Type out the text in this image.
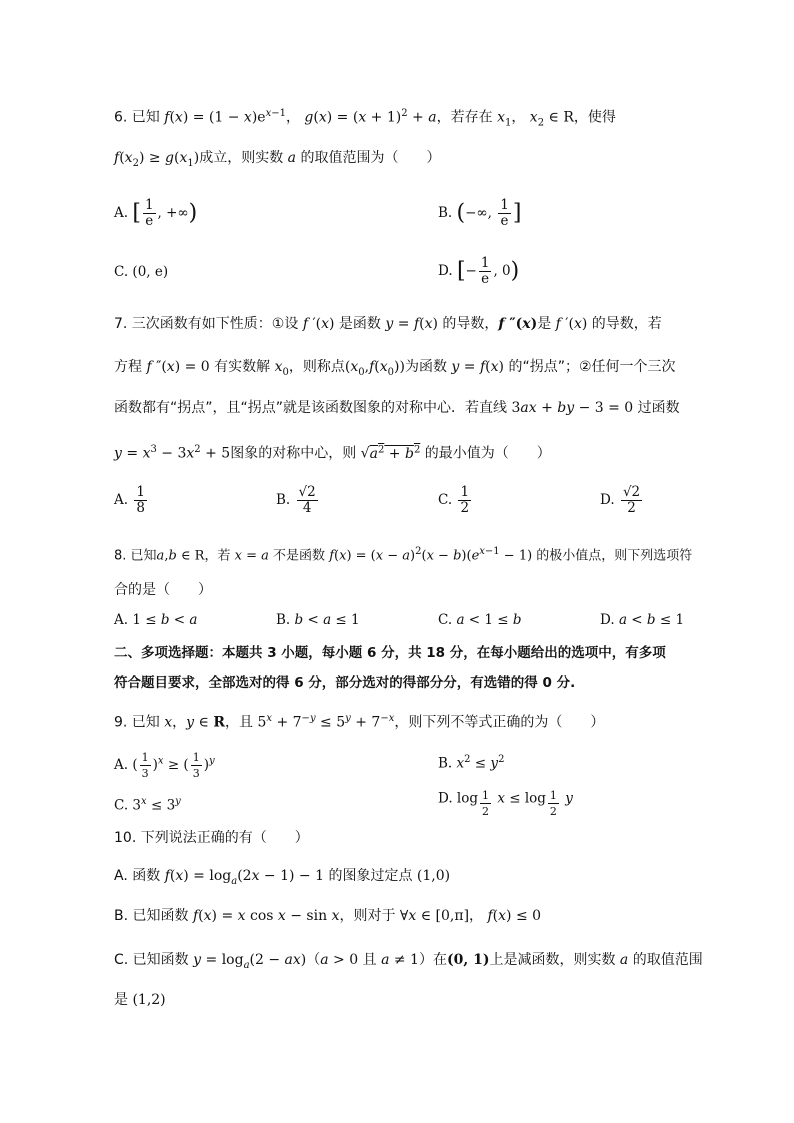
6. 已知 $f(x) = (1 - x)e^{x-1}$， $g(x) = (x + 1)^2 + a$，若存在 $x_1$， $x_2$ ∈ R，使得
$f(x_2) \ge g(x_1)$成立，则实数 a 的取值范围为（　　）
A. [ $\frac{1}{e}$ , +∞)	B. (−∞, $\frac{1}{e}$ ]
C. (0, e)	D. [− $\frac{1}{e}$ , 0)
7. 三次函数有如下性质：①设 f ′(x) 是函数 y = f(x) 的导数，f ″(x)是 f ′(x) 的导数，若
方程 f ″(x) = 0 有实数解 $x_0$，则称点$(x_0,f(x_0))$为函数 y = f(x) 的“拐点”；②任何一个三次
函数都有“拐点”，且“拐点”就是该函数图象的对称中心．若直线 3ax + by − 3 = 0 过函数
$y = x^3 - 3x^2 + 5$图象的对称中心，则 $√a^2 + b^2$ 的最小值为（　　）
A. $\frac{1}{8}$	B. $\frac{√2}{4}$	C. $\frac{1}{2}$	D. $\frac{√2}{2}$
8. 已知a,b ∈ R，若 x = a 不是函数 $f(x) = (x - a)^2(x - b)(e^{x-1} - 1)$ 的极小值点，则下列选项符
合的是（　　）
A. 1 ≤ b < a	B. b < a ≤ 1	C. a < 1 ≤ b	D. a < b ≤ 1
二、多项选择题：本题共 3 小题，每小题 6 分，共 18 分，在每小题给出的选项中，有多项
符合题目要求，全部选对的得 6 分，部分选对的得部分分，有选错的得 0 分.
9. 已知 x，y ∈ R，且 $5^x + 7^{-y} \le 5^y + 7^{-x}$，则下列不等式正确的为（　　）
A. ( $\frac{1}{3} )^x$ ≥ ( $\frac{1}{3} )^y$	B. $x^2 \le y^2$
C. $3^x \le 3^y$	D. log $_{\frac{1}{2}}$ x ≤ log $_{\frac{1}{2}}$ y
10. 下列说法正确的有（　　）
A. 函数 $f(x) = \log_a(2x - 1) - 1$ 的图象过定点 (1,0)
B. 已知函数 f(x) = x cos x − sin x，则对于 ∀x ∈ [0,π]， f(x) ≤ 0
C. 已知函数 $y = \log_a(2 - ax)(a > 0$ 且 a ≠ 1）在(0, 1)上是减函数，则实数 a 的取值范围
是 (1,2)
